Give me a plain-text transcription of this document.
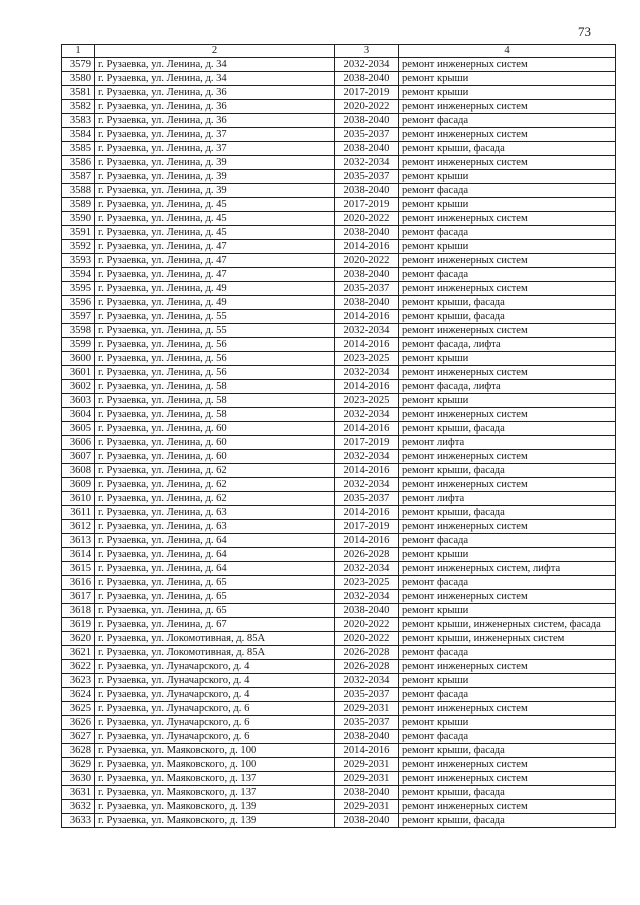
73
1	2	3	4
3579	г. Рузаевка, ул. Ленина, д. 34	2032-2034	ремонт инженерных систем
3580	г. Рузаевка, ул. Ленина, д. 34	2038-2040	ремонт крыши
3581	г. Рузаевка, ул. Ленина, д. 36	2017-2019	ремонт крыши
3582	г. Рузаевка, ул. Ленина, д. 36	2020-2022	ремонт инженерных систем
3583	г. Рузаевка, ул. Ленина, д. 36	2038-2040	ремонт фасада
3584	г. Рузаевка, ул. Ленина, д. 37	2035-2037	ремонт инженерных систем
3585	г. Рузаевка, ул. Ленина, д. 37	2038-2040	ремонт крыши, фасада
3586	г. Рузаевка, ул. Ленина, д. 39	2032-2034	ремонт инженерных систем
3587	г. Рузаевка, ул. Ленина, д. 39	2035-2037	ремонт крыши
3588	г. Рузаевка, ул. Ленина, д. 39	2038-2040	ремонт фасада
3589	г. Рузаевка, ул. Ленина, д. 45	2017-2019	ремонт крыши
3590	г. Рузаевка, ул. Ленина, д. 45	2020-2022	ремонт инженерных систем
3591	г. Рузаевка, ул. Ленина, д. 45	2038-2040	ремонт фасада
3592	г. Рузаевка, ул. Ленина, д. 47	2014-2016	ремонт крыши
3593	г. Рузаевка, ул. Ленина, д. 47	2020-2022	ремонт инженерных систем
3594	г. Рузаевка, ул. Ленина, д. 47	2038-2040	ремонт фасада
3595	г. Рузаевка, ул. Ленина, д. 49	2035-2037	ремонт инженерных систем
3596	г. Рузаевка, ул. Ленина, д. 49	2038-2040	ремонт крыши, фасада
3597	г. Рузаевка, ул. Ленина, д. 55	2014-2016	ремонт крыши, фасада
3598	г. Рузаевка, ул. Ленина, д. 55	2032-2034	ремонт инженерных систем
3599	г. Рузаевка, ул. Ленина, д. 56	2014-2016	ремонт фасада, лифта
3600	г. Рузаевка, ул. Ленина, д. 56	2023-2025	ремонт крыши
3601	г. Рузаевка, ул. Ленина, д. 56	2032-2034	ремонт инженерных систем
3602	г. Рузаевка, ул. Ленина, д. 58	2014-2016	ремонт фасада, лифта
3603	г. Рузаевка, ул. Ленина, д. 58	2023-2025	ремонт крыши
3604	г. Рузаевка, ул. Ленина, д. 58	2032-2034	ремонт инженерных систем
3605	г. Рузаевка, ул. Ленина, д. 60	2014-2016	ремонт крыши, фасада
3606	г. Рузаевка, ул. Ленина, д. 60	2017-2019	ремонт лифта
3607	г. Рузаевка, ул. Ленина, д. 60	2032-2034	ремонт инженерных систем
3608	г. Рузаевка, ул. Ленина, д. 62	2014-2016	ремонт крыши, фасада
3609	г. Рузаевка, ул. Ленина, д. 62	2032-2034	ремонт инженерных систем
3610	г. Рузаевка, ул. Ленина, д. 62	2035-2037	ремонт лифта
3611	г. Рузаевка, ул. Ленина, д. 63	2014-2016	ремонт крыши, фасада
3612	г. Рузаевка, ул. Ленина, д. 63	2017-2019	ремонт инженерных систем
3613	г. Рузаевка, ул. Ленина, д. 64	2014-2016	ремонт фасада
3614	г. Рузаевка, ул. Ленина, д. 64	2026-2028	ремонт крыши
3615	г. Рузаевка, ул. Ленина, д. 64	2032-2034	ремонт инженерных систем, лифта
3616	г. Рузаевка, ул. Ленина, д. 65	2023-2025	ремонт фасада
3617	г. Рузаевка, ул. Ленина, д. 65	2032-2034	ремонт инженерных систем
3618	г. Рузаевка, ул. Ленина, д. 65	2038-2040	ремонт крыши
3619	г. Рузаевка, ул. Ленина, д. 67	2020-2022	ремонт крыши, инженерных систем, фасада
3620	г. Рузаевка, ул. Локомотивная, д. 85А	2020-2022	ремонт крыши, инженерных систем
3621	г. Рузаевка, ул. Локомотивная, д. 85А	2026-2028	ремонт фасада
3622	г. Рузаевка, ул. Луначарского, д. 4	2026-2028	ремонт инженерных систем
3623	г. Рузаевка, ул. Луначарского, д. 4	2032-2034	ремонт крыши
3624	г. Рузаевка, ул. Луначарского, д. 4	2035-2037	ремонт фасада
3625	г. Рузаевка, ул. Луначарского, д. 6	2029-2031	ремонт инженерных систем
3626	г. Рузаевка, ул. Луначарского, д. 6	2035-2037	ремонт крыши
3627	г. Рузаевка, ул. Луначарского, д. 6	2038-2040	ремонт фасада
3628	г. Рузаевка, ул. Маяковского, д. 100	2014-2016	ремонт крыши, фасада
3629	г. Рузаевка, ул. Маяковского, д. 100	2029-2031	ремонт инженерных систем
3630	г. Рузаевка, ул. Маяковского, д. 137	2029-2031	ремонт инженерных систем
3631	г. Рузаевка, ул. Маяковского, д. 137	2038-2040	ремонт крыши, фасада
3632	г. Рузаевка, ул. Маяковского, д. 139	2029-2031	ремонт инженерных систем
3633	г. Рузаевка, ул. Маяковского, д. 139	2038-2040	ремонт крыши, фасада
